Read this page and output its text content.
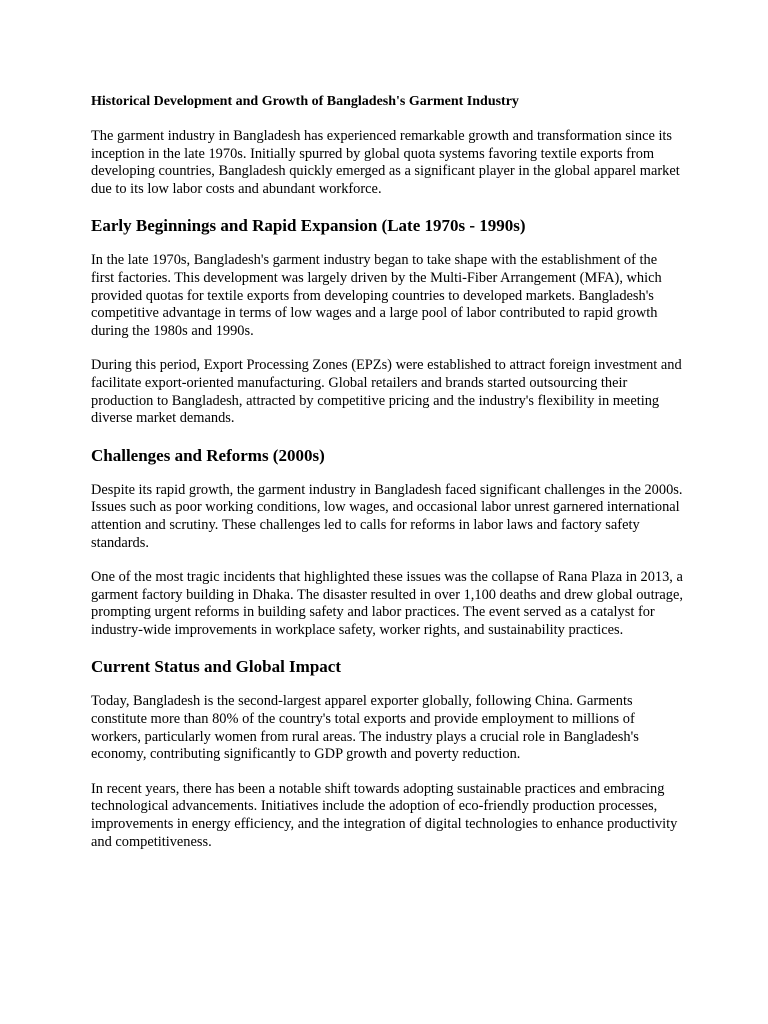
Historical Development and Growth of Bangladesh's Garment Industry

The garment industry in Bangladesh has experienced remarkable growth and transformation since its inception in the late 1970s. Initially spurred by global quota systems favoring textile exports from developing countries, Bangladesh quickly emerged as a significant player in the global apparel market due to its low labor costs and abundant workforce.

Early Beginnings and Rapid Expansion (Late 1970s - 1990s)

In the late 1970s, Bangladesh's garment industry began to take shape with the establishment of the first factories. This development was largely driven by the Multi-Fiber Arrangement (MFA), which provided quotas for textile exports from developing countries to developed markets. Bangladesh's competitive advantage in terms of low wages and a large pool of labor contributed to rapid growth during the 1980s and 1990s.

During this period, Export Processing Zones (EPZs) were established to attract foreign investment and facilitate export-oriented manufacturing. Global retailers and brands started outsourcing their production to Bangladesh, attracted by competitive pricing and the industry's flexibility in meeting diverse market demands.

Challenges and Reforms (2000s)

Despite its rapid growth, the garment industry in Bangladesh faced significant challenges in the 2000s. Issues such as poor working conditions, low wages, and occasional labor unrest garnered international attention and scrutiny. These challenges led to calls for reforms in labor laws and factory safety standards.

One of the most tragic incidents that highlighted these issues was the collapse of Rana Plaza in 2013, a garment factory building in Dhaka. The disaster resulted in over 1,100 deaths and drew global outrage, prompting urgent reforms in building safety and labor practices. The event served as a catalyst for industry-wide improvements in workplace safety, worker rights, and sustainability practices.

Current Status and Global Impact

Today, Bangladesh is the second-largest apparel exporter globally, following China. Garments constitute more than 80% of the country's total exports and provide employment to millions of workers, particularly women from rural areas. The industry plays a crucial role in Bangladesh's economy, contributing significantly to GDP growth and poverty reduction.

In recent years, there has been a notable shift towards adopting sustainable practices and embracing technological advancements. Initiatives include the adoption of eco-friendly production processes, improvements in energy efficiency, and the integration of digital technologies to enhance productivity and competitiveness.
